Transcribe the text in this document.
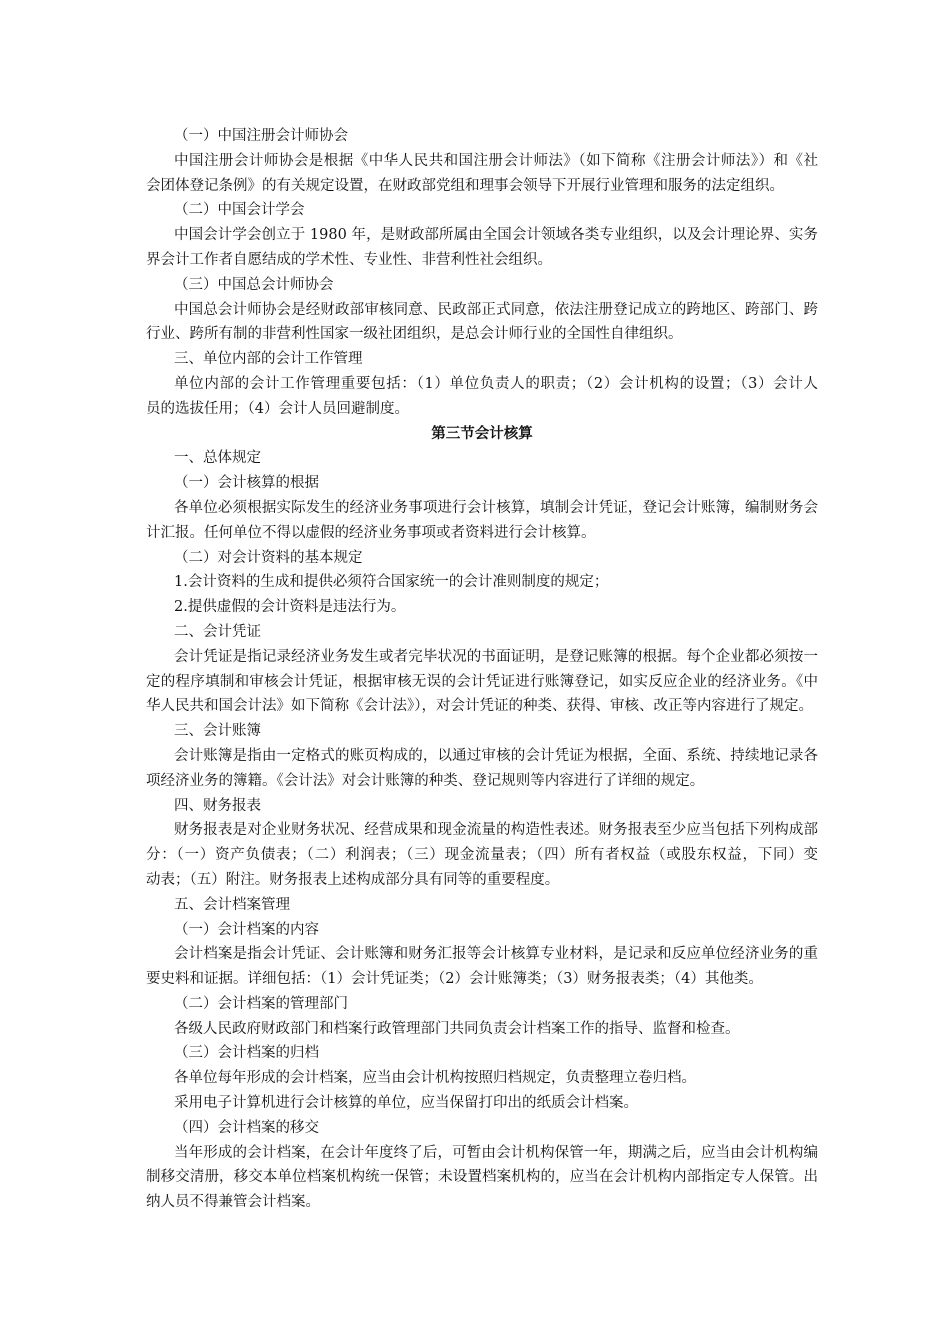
（一）中国注册会计师协会
中国注册会计师协会是根据《中华人民共和国注册会计师法》（如下简称《注册会计师法》）和《社
会团体登记条例》的有关规定设置，在财政部党组和理事会领导下开展行业管理和服务的法定组织。
（二）中国会计学会
中国会计学会创立于 1980 年，是财政部所属由全国会计领域各类专业组织，以及会计理论界、实务
界会计工作者自愿结成的学术性、专业性、非营利性社会组织。
（三）中国总会计师协会
中国总会计师协会是经财政部审核同意、民政部正式同意，依法注册登记成立的跨地区、跨部门、跨
行业、跨所有制的非营利性国家一级社团组织，是总会计师行业的全国性自律组织。
三、单位内部的会计工作管理
单位内部的会计工作管理重要包括：（1）单位负责人的职责；（2）会计机构的设置；（3）会计人
员的选拔任用；（4）会计人员回避制度。
第三节会计核算
一、总体规定
（一）会计核算的根据
各单位必须根据实际发生的经济业务事项进行会计核算，填制会计凭证，登记会计账簿，编制财务会
计汇报。任何单位不得以虚假的经济业务事项或者资料进行会计核算。
（二）对会计资料的基本规定
1.会计资料的生成和提供必须符合国家统一的会计准则制度的规定；
2.提供虚假的会计资料是违法行为。
二、会计凭证
会计凭证是指记录经济业务发生或者完毕状况的书面证明，是登记账簿的根据。每个企业都必须按一
定的程序填制和审核会计凭证，根据审核无误的会计凭证进行账簿登记，如实反应企业的经济业务。《中
华人民共和国会计法》如下简称《会计法》），对会计凭证的种类、获得、审核、改正等内容进行了规定。
三、会计账簿
会计账簿是指由一定格式的账页构成的，以通过审核的会计凭证为根据，全面、系统、持续地记录各
项经济业务的簿籍。《会计法》对会计账簿的种类、登记规则等内容进行了详细的规定。
四、财务报表
财务报表是对企业财务状况、经营成果和现金流量的构造性表述。财务报表至少应当包括下列构成部
分：（一）资产负债表；（二）利润表；（三）现金流量表；（四）所有者权益（或股东权益，下同）变
动表；（五）附注。财务报表上述构成部分具有同等的重要程度。
五、会计档案管理
（一）会计档案的内容
会计档案是指会计凭证、会计账簿和财务汇报等会计核算专业材料，是记录和反应单位经济业务的重
要史料和证据。详细包括：（1）会计凭证类；（2）会计账簿类；（3）财务报表类；（4）其他类。
（二）会计档案的管理部门
各级人民政府财政部门和档案行政管理部门共同负责会计档案工作的指导、监督和检查。
（三）会计档案的归档
各单位每年形成的会计档案，应当由会计机构按照归档规定，负责整理立卷归档。
采用电子计算机进行会计核算的单位，应当保留打印出的纸质会计档案。
（四）会计档案的移交
当年形成的会计档案，在会计年度终了后，可暂由会计机构保管一年，期满之后，应当由会计机构编
制移交清册，移交本单位档案机构统一保管；未设置档案机构的，应当在会计机构内部指定专人保管。出
纳人员不得兼管会计档案。
